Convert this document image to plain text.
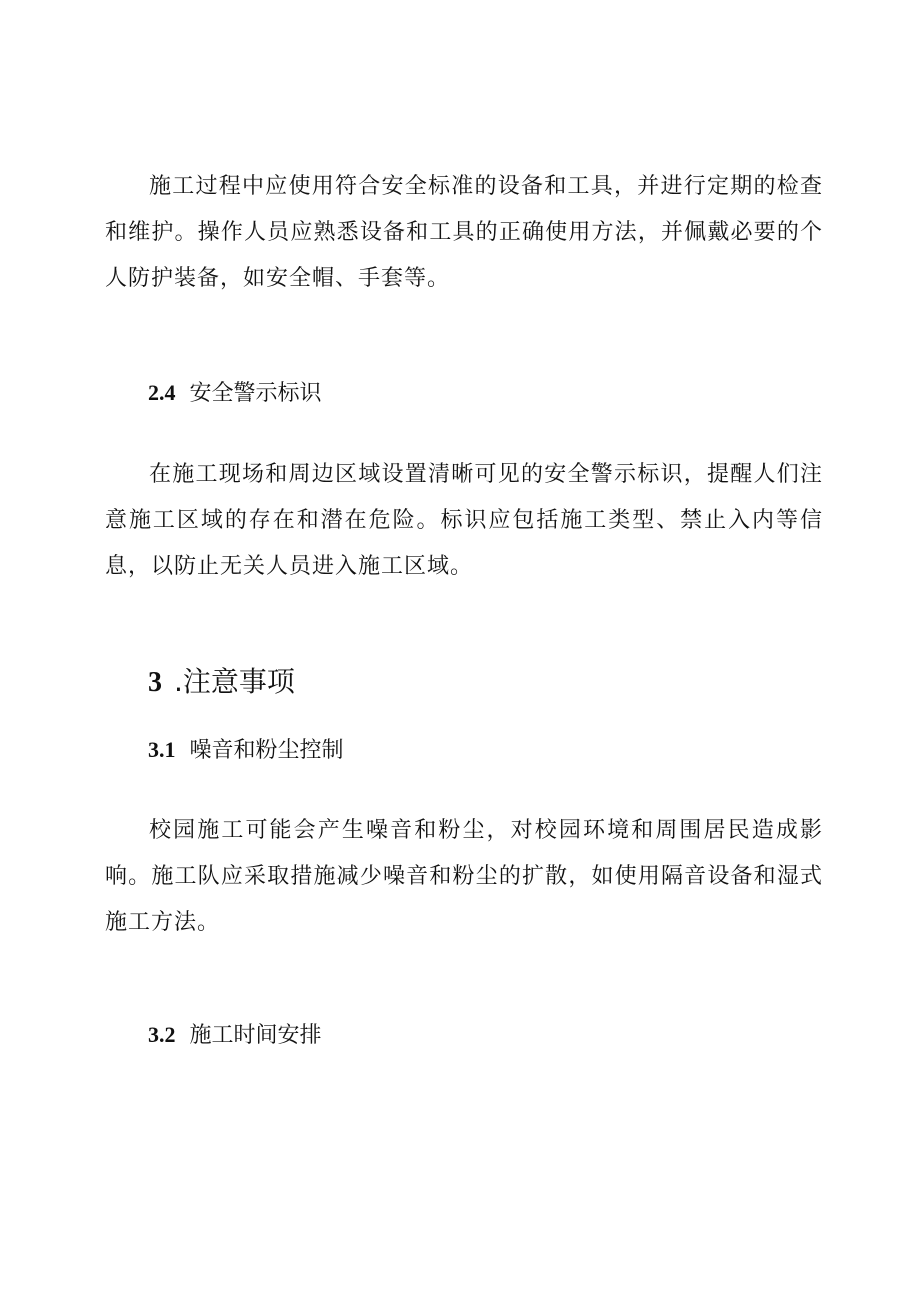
施工过程中应使用符合安全标准的设备和工具，并进行定期的检查和维护。操作人员应熟悉设备和工具的正确使用方法，并佩戴必要的个人防护装备，如安全帽、手套等。

2.4 安全警示标识

在施工现场和周边区域设置清晰可见的安全警示标识，提醒人们注意施工区域的存在和潜在危险。标识应包括施工类型、禁止入内等信息，以防止无关人员进入施工区域。

3 .注意事项
3.1 噪音和粉尘控制

校园施工可能会产生噪音和粉尘，对校园环境和周围居民造成影响。施工队应采取措施减少噪音和粉尘的扩散，如使用隔音设备和湿式施工方法。

3.2 施工时间安排
